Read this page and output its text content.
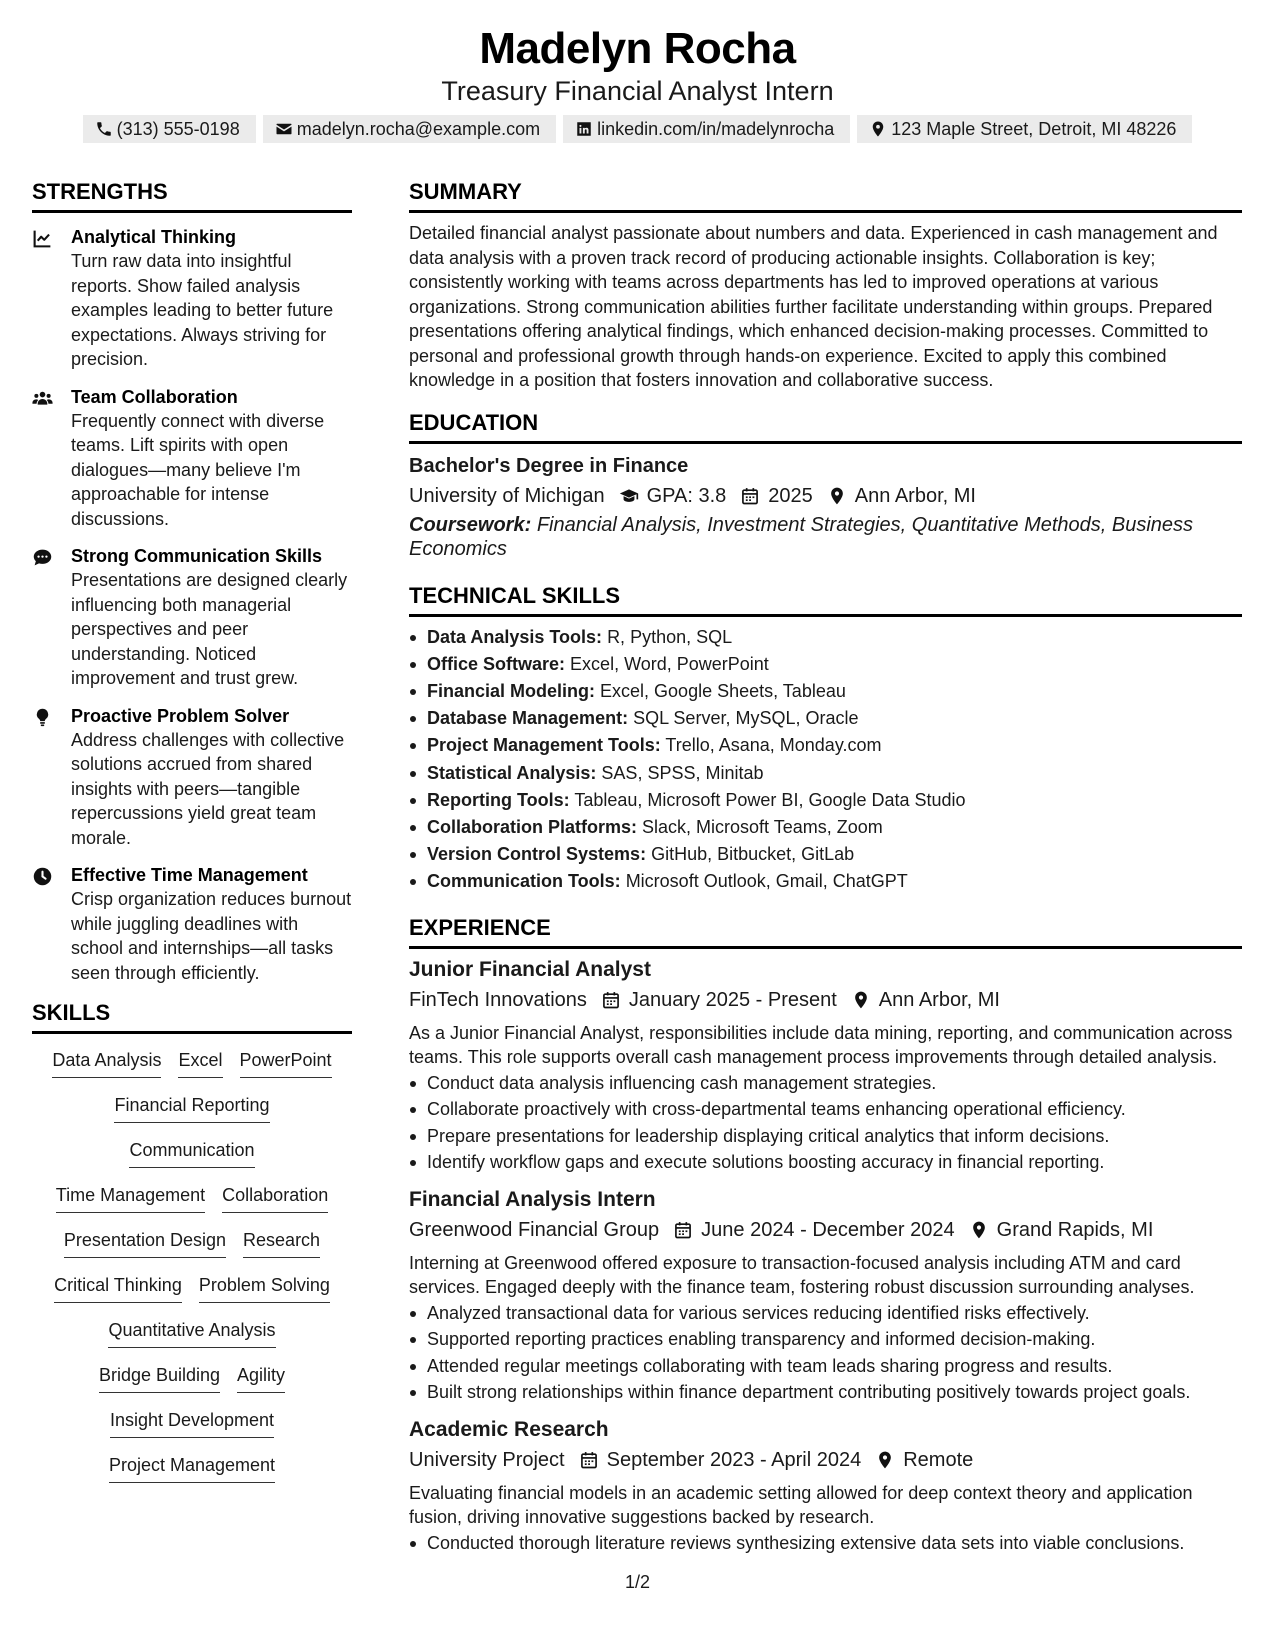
Madelyn Rocha
Treasury Financial Analyst Intern
(313) 555-0198	madelyn.rocha@example.com	linkedin.com/in/madelynrocha	123 Maple Street, Detroit, MI 48226
STRENGTHS
Analytical Thinking
Turn raw data into insightful reports. Show failed analysis examples leading to better future expectations. Always striving for precision.
Team Collaboration
Frequently connect with diverse teams. Lift spirits with open dialogues—many believe I'm approachable for intense discussions.
Strong Communication Skills
Presentations are designed clearly influencing both managerial perspectives and peer understanding. Noticed improvement and trust grew.
Proactive Problem Solver
Address challenges with collective solutions accrued from shared insights with peers—tangible repercussions yield great team morale.
Effective Time Management
Crisp organization reduces burnout while juggling deadlines with school and internships—all tasks seen through efficiently.
SKILLS
Data Analysis Excel PowerPoint
Financial Reporting
Communication
Time Management Collaboration
Presentation Design Research
Critical Thinking Problem Solving
Quantitative Analysis
Bridge Building Agility
Insight Development
Project Management
SUMMARY
Detailed financial analyst passionate about numbers and data. Experienced in cash management and data analysis with a proven track record of producing actionable insights. Collaboration is key; consistently working with teams across departments has led to improved operations at various organizations. Strong communication abilities further facilitate understanding within groups. Prepared presentations offering analytical findings, which enhanced decision-making processes. Committed to personal and professional growth through hands-on experience. Excited to apply this combined knowledge in a position that fosters innovation and collaborative success.
EDUCATION
Bachelor's Degree in Finance
University of Michigan GPA: 3.8 2025 Ann Arbor, MI
Coursework: Financial Analysis, Investment Strategies, Quantitative Methods, Business Economics
TECHNICAL SKILLS
Data Analysis Tools: R, Python, SQL
Office Software: Excel, Word, PowerPoint
Financial Modeling: Excel, Google Sheets, Tableau
Database Management: SQL Server, MySQL, Oracle
Project Management Tools: Trello, Asana, Monday.com
Statistical Analysis: SAS, SPSS, Minitab
Reporting Tools: Tableau, Microsoft Power BI, Google Data Studio
Collaboration Platforms: Slack, Microsoft Teams, Zoom
Version Control Systems: GitHub, Bitbucket, GitLab
Communication Tools: Microsoft Outlook, Gmail, ChatGPT
EXPERIENCE
Junior Financial Analyst
FinTech Innovations January 2025 - Present Ann Arbor, MI
As a Junior Financial Analyst, responsibilities include data mining, reporting, and communication across teams. This role supports overall cash management process improvements through detailed analysis.
Conduct data analysis influencing cash management strategies.
Collaborate proactively with cross-departmental teams enhancing operational efficiency.
Prepare presentations for leadership displaying critical analytics that inform decisions.
Identify workflow gaps and execute solutions boosting accuracy in financial reporting.
Financial Analysis Intern
Greenwood Financial Group June 2024 - December 2024 Grand Rapids, MI
Interning at Greenwood offered exposure to transaction-focused analysis including ATM and card services. Engaged deeply with the finance team, fostering robust discussion surrounding analyses.
Analyzed transactional data for various services reducing identified risks effectively.
Supported reporting practices enabling transparency and informed decision-making.
Attended regular meetings collaborating with team leads sharing progress and results.
Built strong relationships within finance department contributing positively towards project goals.
Academic Research
University Project September 2023 - April 2024 Remote
Evaluating financial models in an academic setting allowed for deep context theory and application fusion, driving innovative suggestions backed by research.
Conducted thorough literature reviews synthesizing extensive data sets into viable conclusions.
1/2
